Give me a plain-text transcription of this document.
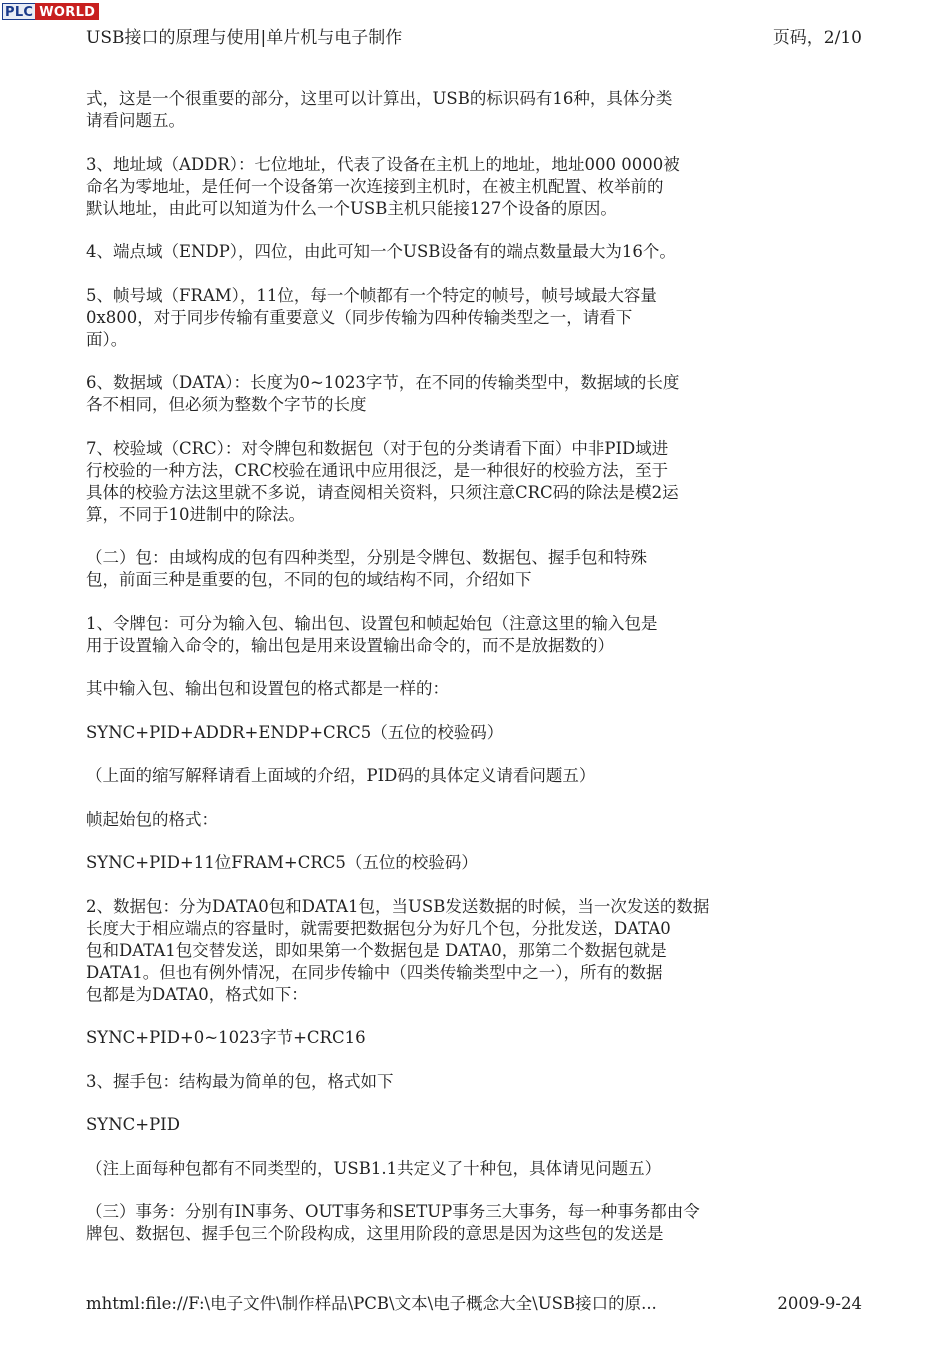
PLC WORLD
USB接口的原理与使用|单片机与电子制作	页码，2/10

式，这是一个很重要的部分，这里可以计算出，USB的标识码有16种，具体分类
请看问题五。

3、地址域（ADDR）：七位地址，代表了设备在主机上的地址，地址000 0000被
命名为零地址，是任何一个设备第一次连接到主机时，在被主机配置、枚举前的
默认地址，由此可以知道为什么一个USB主机只能接127个设备的原因。

4、端点域（ENDP），四位，由此可知一个USB设备有的端点数量最大为16个。

5、帧号域（FRAM），11位，每一个帧都有一个特定的帧号，帧号域最大容量
0x800，对于同步传输有重要意义（同步传输为四种传输类型之一，请看下
面）。

6、数据域（DATA）：长度为0~1023字节，在不同的传输类型中，数据域的长度
各不相同，但必须为整数个字节的长度

7、校验域（CRC）：对令牌包和数据包（对于包的分类请看下面）中非PID域进
行校验的一种方法，CRC校验在通讯中应用很泛，是一种很好的校验方法，至于
具体的校验方法这里就不多说，请查阅相关资料，只须注意CRC码的除法是模2运
算，不同于10进制中的除法。

（二）包：由域构成的包有四种类型，分别是令牌包、数据包、握手包和特殊
包，前面三种是重要的包，不同的包的域结构不同，介绍如下

1、令牌包：可分为输入包、输出包、设置包和帧起始包（注意这里的输入包是
用于设置输入命令的，输出包是用来设置输出命令的，而不是放据数的）

其中输入包、输出包和设置包的格式都是一样的：

SYNC+PID+ADDR+ENDP+CRC5（五位的校验码）

（上面的缩写解释请看上面域的介绍，PID码的具体定义请看问题五）

帧起始包的格式：

SYNC+PID+11位FRAM+CRC5（五位的校验码）

2、数据包：分为DATA0包和DATA1包，当USB发送数据的时候，当一次发送的数据
长度大于相应端点的容量时，就需要把数据包分为好几个包，分批发送，DATA0
包和DATA1包交替发送，即如果第一个数据包是 DATA0，那第二个数据包就是
DATA1。但也有例外情况，在同步传输中（四类传输类型中之一），所有的数据
包都是为DATA0，格式如下：

SYNC+PID+0~1023字节+CRC16

3、握手包：结构最为简单的包，格式如下

SYNC+PID

（注上面每种包都有不同类型的，USB1.1共定义了十种包，具体请见问题五）

（三）事务：分别有IN事务、OUT事务和SETUP事务三大事务，每一种事务都由令
牌包、数据包、握手包三个阶段构成，这里用阶段的意思是因为这些包的发送是

mhtml:file://F:\电子文件\制作样品\PCB\文本\电子概念大全\USB接口的原...	2009-9-24
